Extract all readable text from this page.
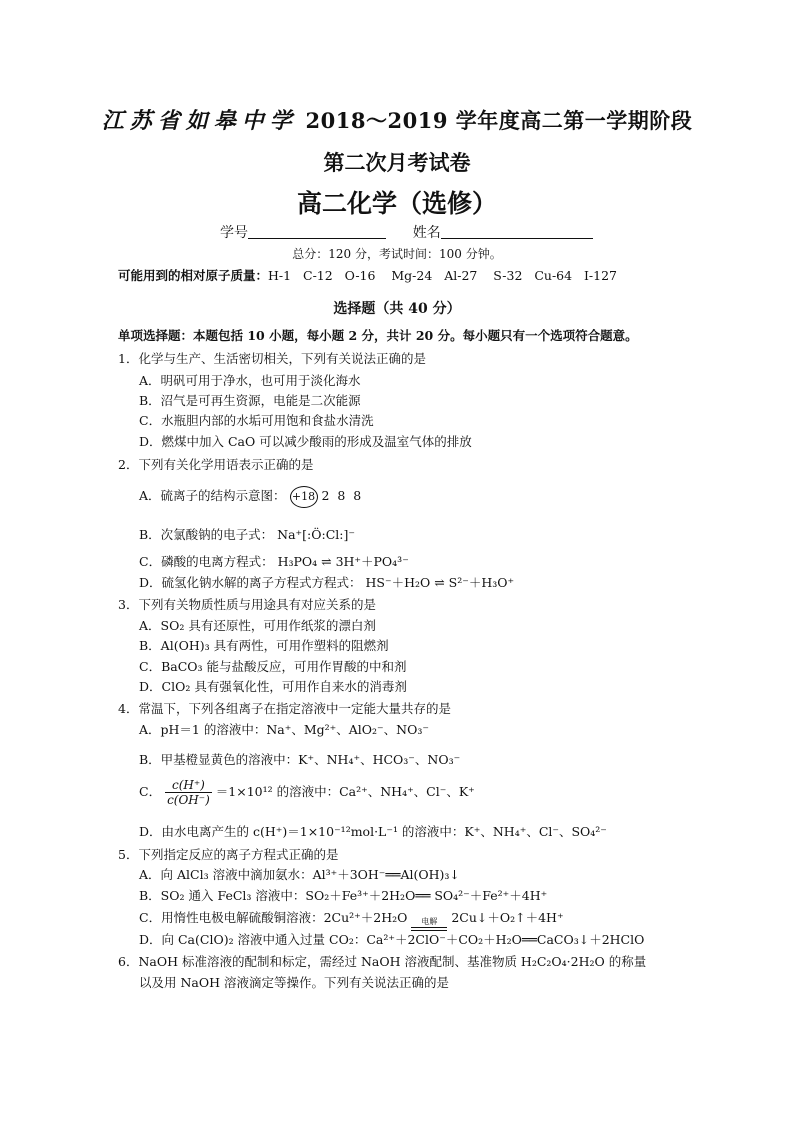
江苏省如皋中学 2018～2019 学年度高二第一学期阶段
第二次月考试卷
高二化学（选修）
学号	姓名
总分：120 分，考试时间：100 分钟。
可能用到的相对原子质量：H-1   C-12   O-16    Mg-24   Al-27    S-32   Cu-64   I-127
选择题（共 40 分）
单项选择题：本题包括 10 小题，每小题 2 分，共计 20 分。每小题只有一个选项符合题意。
1．化学与生产、生活密切相关，下列有关说法正确的是
A．明矾可用于净水，也可用于淡化海水
B．沼气是可再生资源，电能是二次能源
C．水瓶胆内部的水垢可用饱和食盐水清洗
D．燃煤中加入 CaO 可以减少酸雨的形成及温室气体的排放
2．下列有关化学用语表示正确的是
A．硫离子的结构示意图： +18 2  8  8
B．次氯酸钠的电子式： Na⁺[:Ö:Cl:]⁻
C．磷酸的电离方程式： H₃PO₄ ⇌ 3H⁺＋PO₄³⁻
D．硫氢化钠水解的离子方程式方程式： HS⁻＋H₂O ⇌ S²⁻＋H₃O⁺
3．下列有关物质性质与用途具有对应关系的是
A．SO₂ 具有还原性，可用作纸浆的漂白剂
B．Al(OH)₃ 具有两性，可用作塑料的阻燃剂
C．BaCO₃ 能与盐酸反应，可用作胃酸的中和剂
D．ClO₂ 具有强氧化性，可用作自来水的消毒剂
4．常温下，下列各组离子在指定溶液中一定能大量共存的是
A．pH＝1 的溶液中：Na⁺、Mg²⁺、AlO₂⁻、NO₃⁻
B．甲基橙显黄色的溶液中：K⁺、NH₄⁺、HCO₃⁻、NO₃⁻
C． $\frac{c(H^+)}{c(OH^-)} =1\times 10^{12}$ 的溶液中：Ca²⁺、NH₄⁺、Cl⁻、K⁺
D．由水电离产生的 c(H⁺)＝1×10⁻¹²mol·L⁻¹ 的溶液中：K⁺、NH₄⁺、Cl⁻、SO₄²⁻
5．下列指定反应的离子方程式正确的是
A．向 AlCl₃ 溶液中滴加氨水：Al³⁺＋3OH⁻══Al(OH)₃↓
B．SO₂ 通入 FeCl₃ 溶液中：SO₂＋Fe³⁺＋2H₂O══ SO₄²⁻＋Fe²⁺＋4H⁺
C．用惰性电极电解硫酸铜溶液：2Cu²⁺＋2H₂O	电解	2Cu↓＋O₂↑＋4H⁺
D．向 Ca(ClO)₂ 溶液中通入过量 CO₂：Ca²⁺＋2ClO⁻＋CO₂＋H₂O══CaCO₃↓＋2HClO
6．NaOH 标准溶液的配制和标定，需经过 NaOH 溶液配制、基准物质 H₂C₂O₄·2H₂O 的称量
以及用 NaOH 溶液滴定等操作。下列有关说法正确的是
